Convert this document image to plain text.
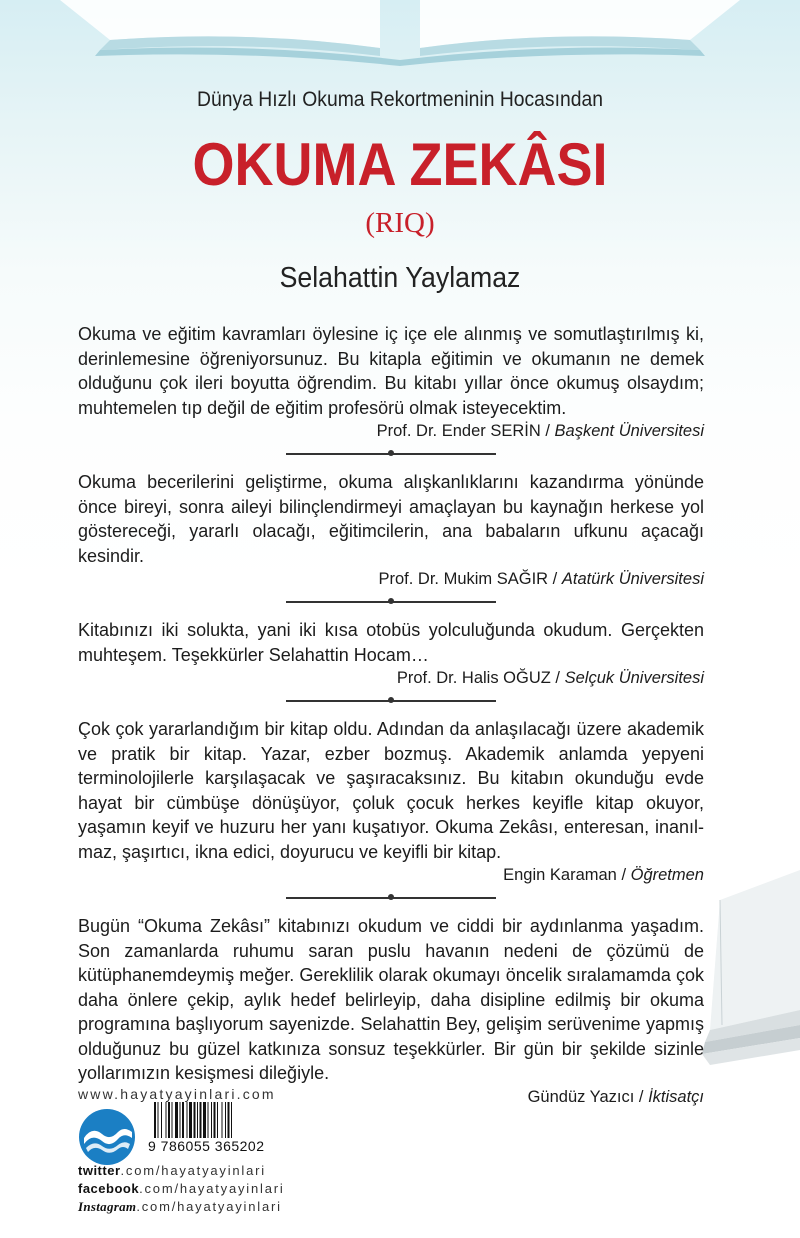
Dünya Hızlı Okuma Rekortmeninin Hocasından
OKUMA ZEKÂSI
(RIQ)
Selahattin Yaylamaz
Okuma ve eğitim kavramları öylesine iç içe ele alınmış ve somutlaştırılmış ki, derinlemesine öğreniyorsunuz. Bu kitapla eğitimin ve okumanın ne demek olduğunu çok ileri boyutta öğrendim. Bu kitabı yıllar önce okumuş olsaydım; muhtemelen tıp değil de eğitim profesörü olmak isteyecektim.
Prof. Dr. Ender SERİN / Başkent Üniversitesi
Okuma becerilerini geliştirme, okuma alışkanlıklarını kazandırma yönünde önce bireyi, sonra aileyi bilinçlendirmeyi amaçlayan bu kaynağın herkese yol göstereceği, yararlı olacağı, eğitimcilerin, ana babaların ufkunu açacağı kesindir.
Prof. Dr. Mukim SAĞIR / Atatürk Üniversitesi
Kitabınızı iki solukta, yani iki kısa otobüs yolculuğunda okudum. Gerçekten muhteşem. Teşekkürler Selahattin Hocam…
Prof. Dr. Halis OĞUZ / Selçuk Üniversitesi
Çok çok yararlandığım bir kitap oldu. Adından da anlaşılacağı üzere akademik ve pratik bir kitap. Yazar, ezber bozmuş. Akademik anlamda yepyeni terminolojilerle karşılaşacak ve şaşıracaksınız. Bu kitabın okunduğu evde hayat bir cümbüşe dönüşüyor, çoluk çocuk herkes keyifle kitap okuyor, yaşamın keyif ve huzuru her yanı kuşatıyor. Okuma Zekâsı, enteresan, inanılmaz, şaşırtıcı, ikna edici, doyurucu ve keyifli bir kitap.
Engin Karaman / Öğretmen
Bugün “Okuma Zekâsı” kitabınızı okudum ve ciddi bir aydınlanma yaşadım. Son zamanlarda ruhumu saran puslu havanın nedeni de çözümü de kütüphanemdeymiş meğer. Gereklilik olarak okumayı öncelik sıralamamda çok daha önlere çekip, aylık hedef belirleyip, daha disipline edilmiş bir okuma programına başlıyorum sayenizde. Selahattin Bey, gelişim serüvenime yapmış olduğunuz bu güzel katkınıza sonsuz teşekkürler. Bir gün bir şekilde sizinle yollarımızın kesişmesi dileğiyle.
Gündüz Yazıcı / İktisatçı
www.hayatyayinlari.com
9 786055 365202
twitter.com/hayatyayinlari
facebook.com/hayatyayinlari
Instagram.com/hayatyayinlari
